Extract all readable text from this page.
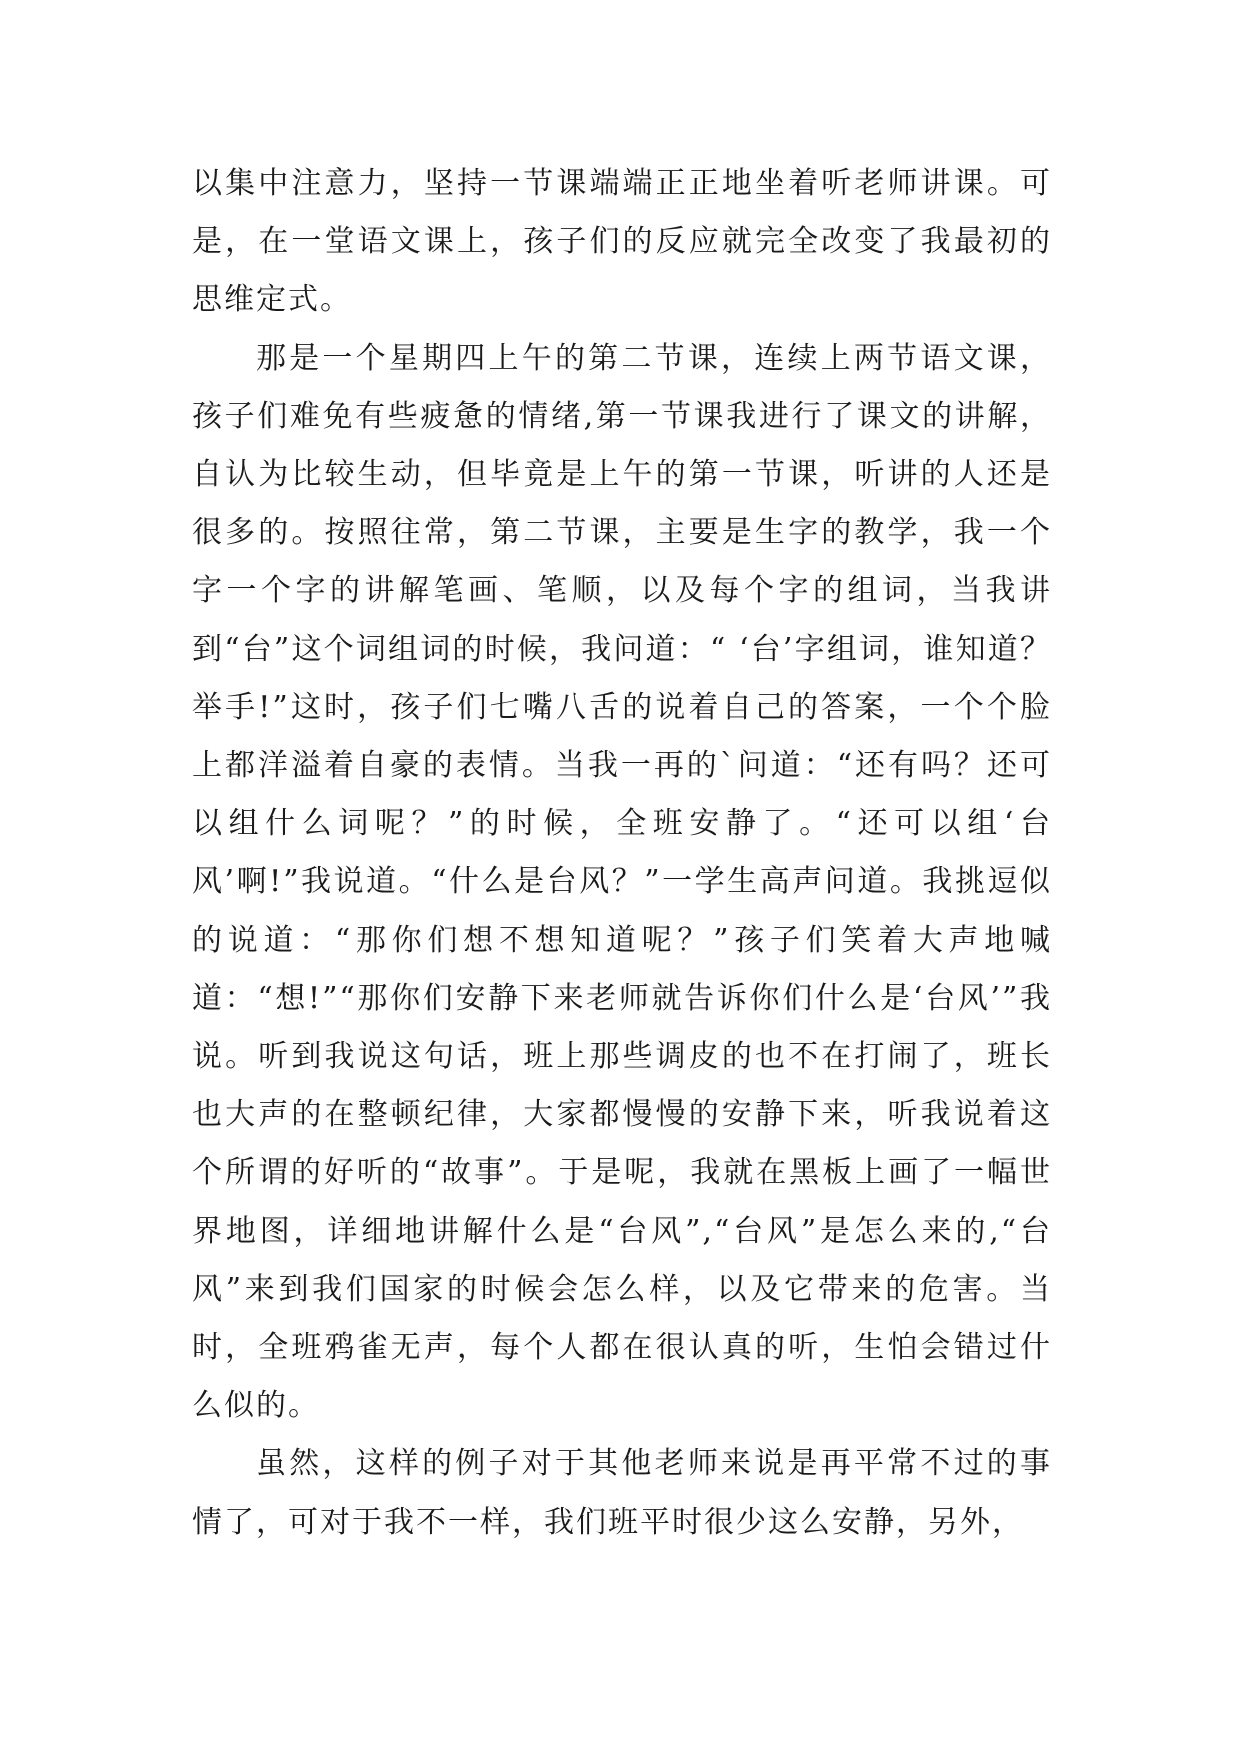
以集中注意力，坚持一节课端端正正地坐着听老师讲课。可是，在一堂语文课上，孩子们的反应就完全改变了我最初的思维定式。

那是一个星期四上午的第二节课，连续上两节语文课，孩子们难免有些疲惫的情绪,第一节课我进行了课文的讲解，自认为比较生动，但毕竟是上午的第一节课，听讲的人还是很多的。按照往常，第二节课，主要是生字的教学，我一个字一个字的讲解笔画、笔顺，以及每个字的组词，当我讲到“台”这个词组词的时候，我问道：“ ‘台’字组词，谁知道？举手!”这时，孩子们七嘴八舌的说着自己的答案，一个个脸上都洋溢着自豪的表情。当我一再的`问道：“还有吗？还可以组什么词呢？”的时候，全班安静了。“还可以组‘台风’啊!”我说道。“什么是台风？”一学生高声问道。我挑逗似的说道：“那你们想不想知道呢？”孩子们笑着大声地喊道：“想!”“那你们安静下来老师就告诉你们什么是‘台风’”我说。听到我说这句话，班上那些调皮的也不在打闹了，班长也大声的在整顿纪律，大家都慢慢的安静下来，听我说着这个所谓的好听的“故事”。于是呢，我就在黑板上画了一幅世界地图，详细地讲解什么是“台风”,“台风”是怎么来的,“台风”来到我们国家的时候会怎么样，以及它带来的危害。当时，全班鸦雀无声，每个人都在很认真的听，生怕会错过什么似的。

虽然，这样的例子对于其他老师来说是再平常不过的事情了，可对于我不一样，我们班平时很少这么安静，另外，
